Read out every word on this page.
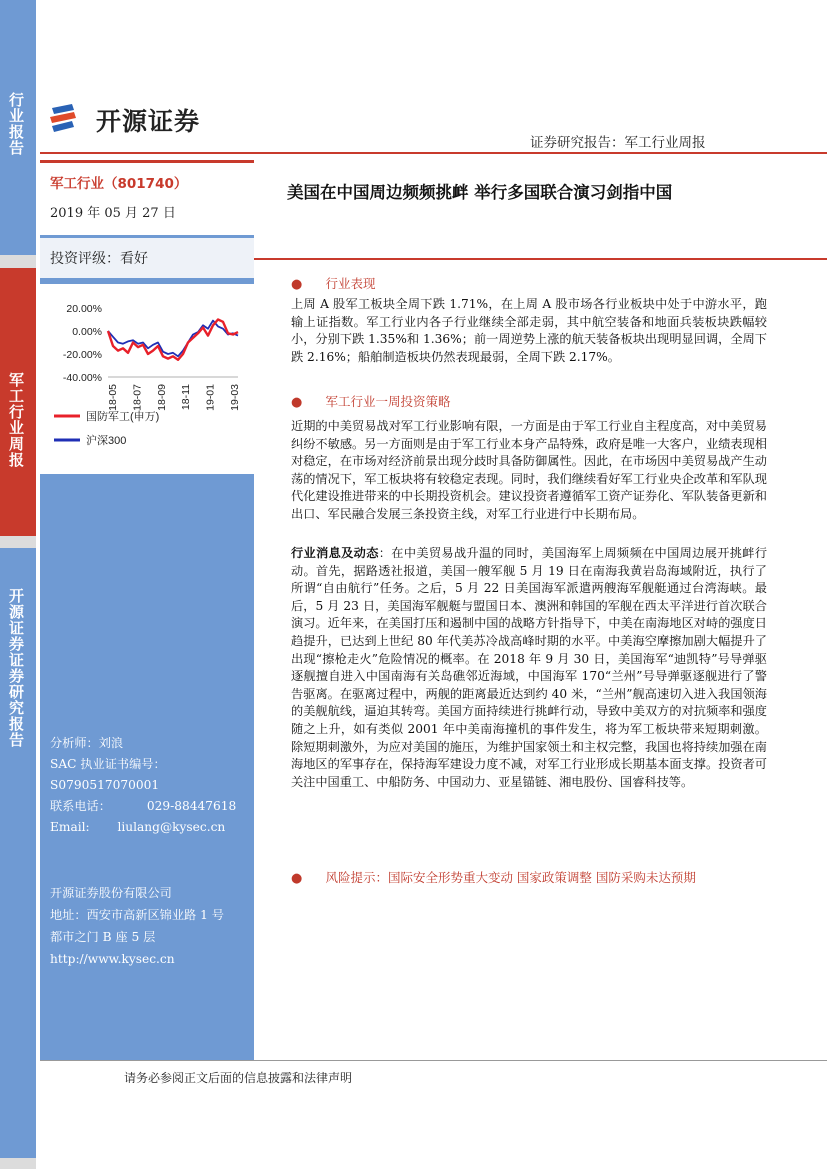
行业报告
军工行业周报
开源证券证券研究报告
开源证券
证券研究报告：军工行业周报
军工行业（801740）
2019 年 05 月 27 日
投资评级：看好
20.00%
0.00%
-20.00%
-40.00%
18-05 18-07 18-09 18-11 19-01 19-03
国防军工(申万)
沪深300
分析师：刘浪
SAC 执业证书编号：
S0790517070001
联系电话：	029-88447618
Email: liulang@kysec.cn
开源证券股份有限公司
地址：西安市高新区锦业路 1 号
都市之门 B 座 5 层
http://www.kysec.cn
美国在中国周边频频挑衅 举行多国联合演习剑指中国
● 行业表现
上周 A 股军工板块全周下跌 1.71%，在上周 A 股市场各行业板块中处于中游水平，跑输上证指数。军工行业内各子行业继续全部走弱，其中航空装备和地面兵装板块跌幅较小，分别下跌 1.35%和 1.36%；前一周逆势上涨的航天装备板块出现明显回调，全周下跌 2.16%；船舶制造板块仍然表现最弱，全周下跌 2.17%。
● 军工行业一周投资策略
近期的中美贸易战对军工行业影响有限，一方面是由于军工行业自主程度高，对中美贸易纠纷不敏感。另一方面则是由于军工行业本身产品特殊，政府是唯一大客户，业绩表现相对稳定，在市场对经济前景出现分歧时具备防御属性。因此，在市场因中美贸易战产生动荡的情况下，军工板块将有较稳定表现。同时，我们继续看好军工行业央企改革和军队现代化建设推进带来的中长期投资机会。建议投资者遵循军工资产证券化、军队装备更新和出口、军民融合发展三条投资主线，对军工行业进行中长期布局。
行业消息及动态：在中美贸易战升温的同时，美国海军上周频频在中国周边展开挑衅行动。首先，据路透社报道，美国一艘军舰 5 月 19 日在南海我黄岩岛海域附近，执行了所谓“自由航行”任务。之后，5 月 22 日美国海军派遣两艘海军舰艇通过台湾海峡。最后，5 月 23 日，美国海军舰艇与盟国日本、澳洲和韩国的军舰在西太平洋进行首次联合演习。近年来，在美国打压和遏制中国的战略方针指导下，中美在南海地区对峙的强度日趋提升，已达到上世纪 80 年代美苏冷战高峰时期的水平。中美海空摩擦加剧大幅提升了出现“擦枪走火”危险情况的概率。在 2018 年 9 月 30 日，美国海军“迪凯特”号导弹驱逐舰擅自进入中国南海有关岛礁邻近海域，中国海军 170“兰州”号导弹驱逐舰进行了警告驱离。在驱离过程中，两舰的距离最近达到约 40 米，“兰州”舰高速切入进入我国领海的美舰航线，逼迫其转弯。美国方面持续进行挑衅行动，导致中美双方的对抗频率和强度随之上升，如有类似 2001 年中美南海撞机的事件发生，将为军工板块带来短期刺激。除短期刺激外，为应对美国的施压，为维护国家领土和主权完整，我国也将持续加强在南海地区的军事存在，保持海军建设力度不减，对军工行业形成长期基本面支撑。投资者可关注中国重工、中船防务、中国动力、亚星锚链、湘电股份、国睿科技等。
● 风险提示：国际安全形势重大变动 国家政策调整 国防采购未达预期
请务必参阅正文后面的信息披露和法律声明
